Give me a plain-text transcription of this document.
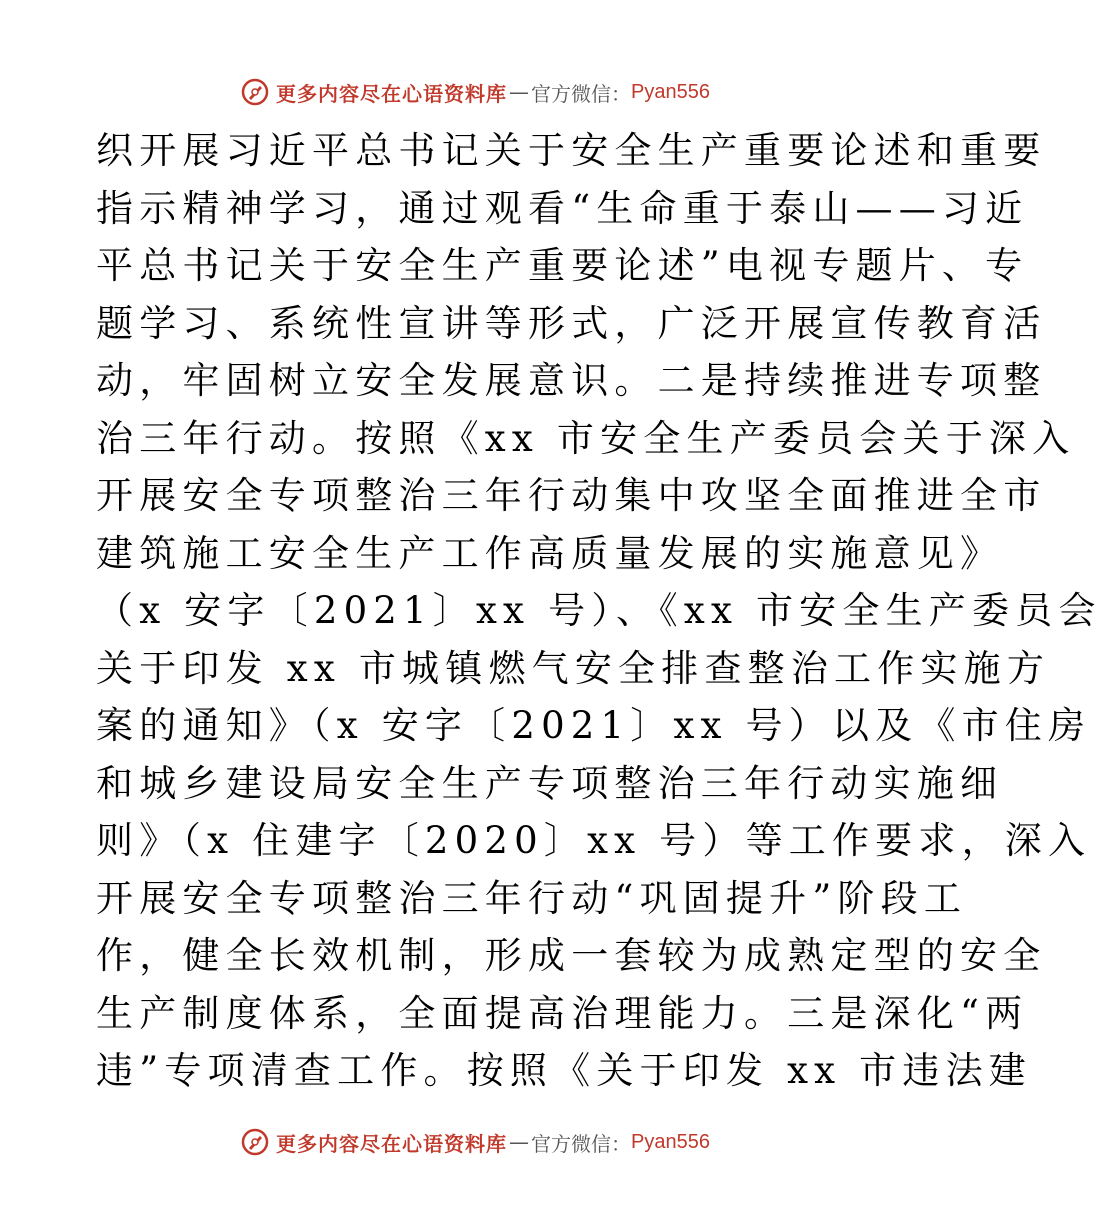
更多内容尽在心语资料库 — 官方微信： Pyan556
织开展习近平总书记关于安全生产重要论述和重要
指示精神学习，通过观看“生命重于泰山——习近
平总书记关于安全生产重要论述”电视专题片、专
题学习、系统性宣讲等形式，广泛开展宣传教育活
动，牢固树立安全发展意识。二是持续推进专项整
治三年行动。按照《xx 市安全生产委员会关于深入
开展安全专项整治三年行动集中攻坚全面推进全市
建筑施工安全生产工作高质量发展的实施意见》
（x 安字〔2021〕xx 号）、《xx 市安全生产委员会
关于印发 xx 市城镇燃气安全排查整治工作实施方
案的通知》（x 安字〔2021〕xx 号）以及《市住房
和城乡建设局安全生产专项整治三年行动实施细
则》（x 住建字〔2020〕xx 号）等工作要求，深入
开展安全专项整治三年行动“巩固提升”阶段工
作，健全长效机制，形成一套较为成熟定型的安全
生产制度体系，全面提高治理能力。三是深化“两
违”专项清查工作。按照《关于印发 xx 市违法建
更多内容尽在心语资料库 — 官方微信： Pyan556
